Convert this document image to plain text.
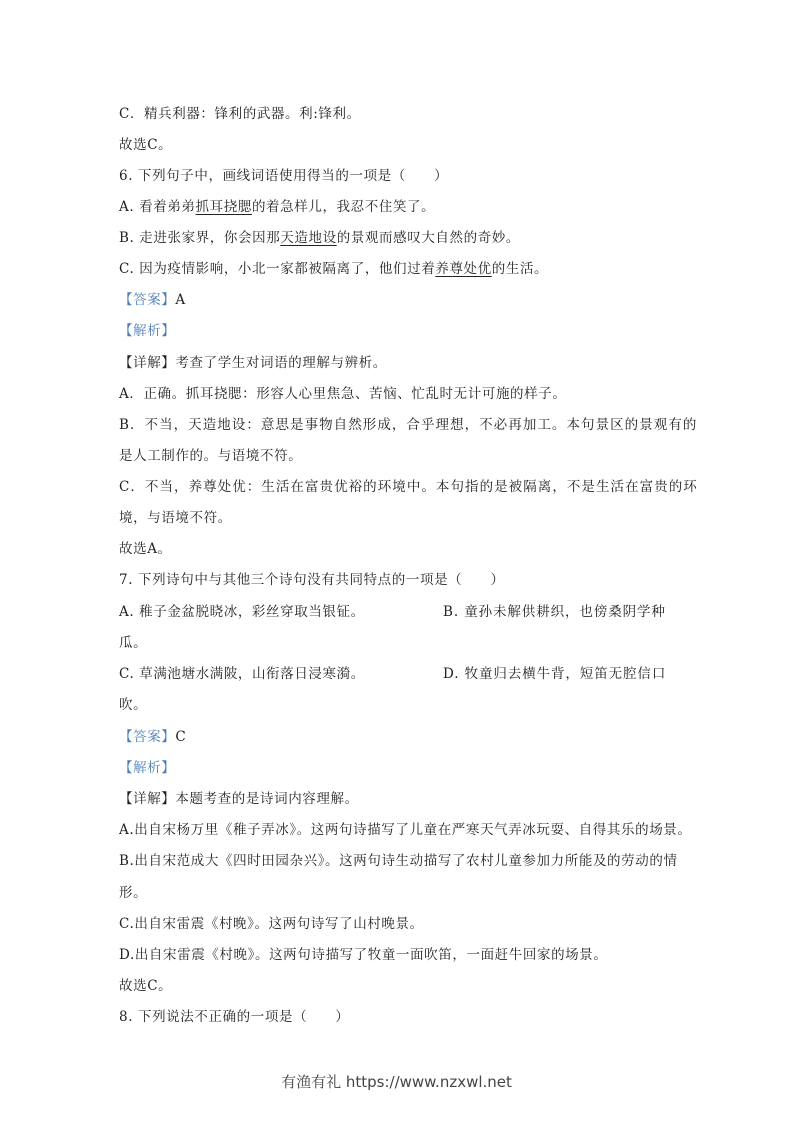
C．精兵利器：锋利的武器。利:锋利。
故选C。
6. 下列句子中，画线词语使用得当的一项是（　　）
A. 看着弟弟抓耳挠腮的着急样儿，我忍不住笑了。
B. 走进张家界，你会因那天造地设的景观而感叹大自然的奇妙。
C. 因为疫情影响，小北一家都被隔离了，他们过着养尊处优的生活。
【答案】A
【解析】
【详解】考查了学生对词语的理解与辨析。
A．正确。抓耳挠腮：形容人心里焦急、苦恼、忙乱时无计可施的样子。
B．不当，天造地设：意思是事物自然形成，合乎理想，不必再加工。本句景区的景观有的
是人工制作的。与语境不符。
C．不当，养尊处优：生活在富贵优裕的环境中。本句指的是被隔离，不是生活在富贵的环
境，与语境不符。
故选A。
7. 下列诗句中与其他三个诗句没有共同特点的一项是（　　）
A. 稚子金盆脱晓冰，彩丝穿取当银钲。	B. 童孙未解供耕织，也傍桑阴学种
瓜。
C. 草满池塘水满陂，山衔落日浸寒漪。	D. 牧童归去横牛背，短笛无腔信口
吹。
【答案】C
【解析】
【详解】本题考查的是诗词内容理解。
A.出自宋杨万里《稚子弄冰》。这两句诗描写了儿童在严寒天气弄冰玩耍、自得其乐的场景。
B.出自宋范成大《四时田园杂兴》。这两句诗生动描写了农村儿童参加力所能及的劳动的情
形。
C.出自宋雷震《村晚》。这两句诗写了山村晚景。
D.出自宋雷震《村晚》。这两句诗描写了牧童一面吹笛，一面赶牛回家的场景。
故选C。
8. 下列说法不正确的一项是（　　）
有渔有礼 https://www.nzxwl.net
